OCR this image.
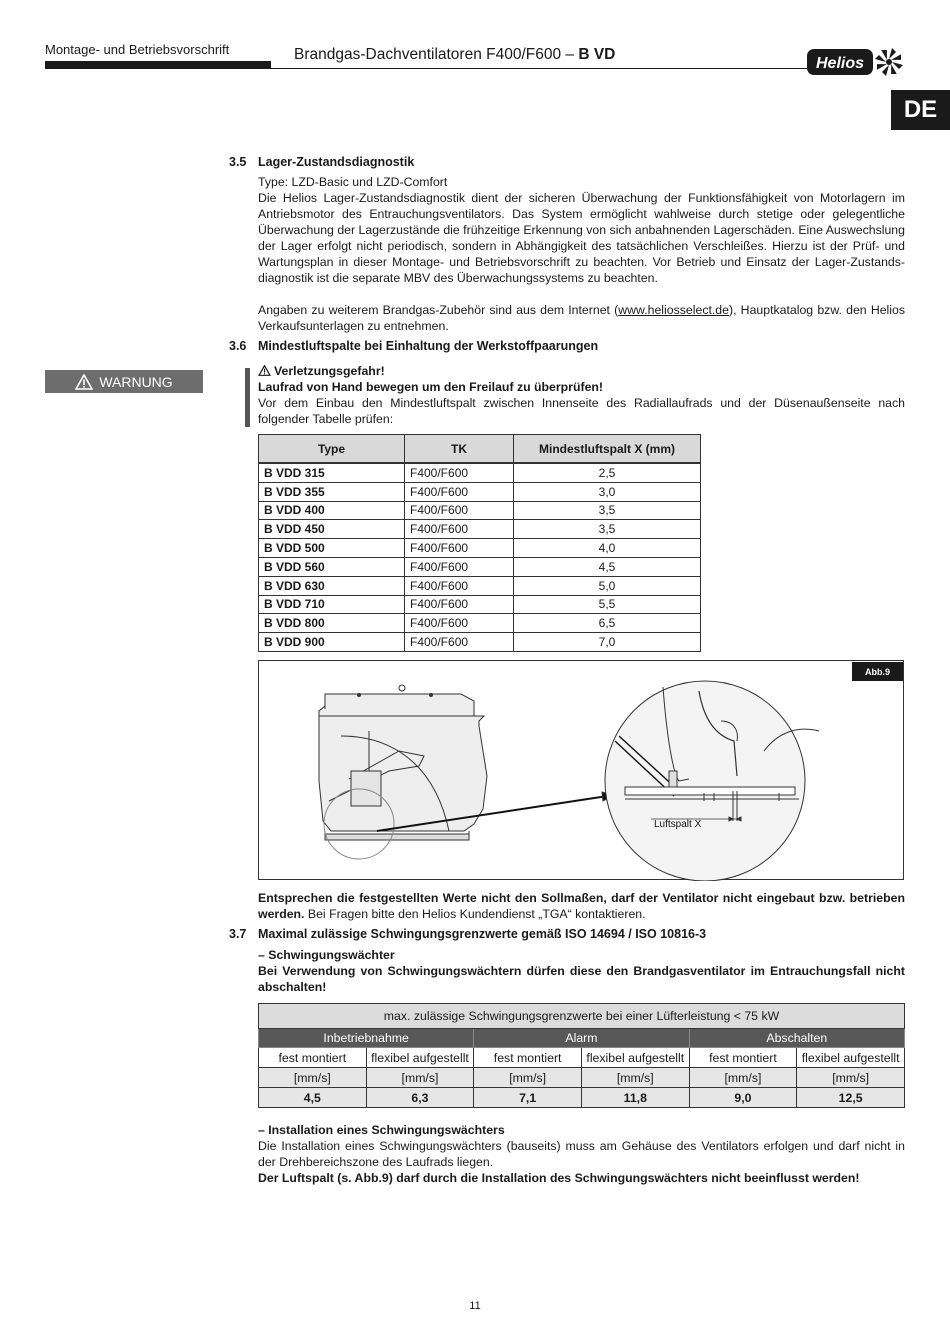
Montage- und Betriebsvorschrift	Brandgas-Dachventilatoren F400/F600 – B VD
Helios
DE
3.5 Lager-Zustandsdiagnostik

Type: LZD-Basic und LZD-Comfort

Die Helios Lager-Zustandsdiagnostik dient der sicheren Überwachung der Funktionsfähigkeit von Motorlagern im Antriebsmotor des Entrauchungsventilators. Das System ermöglicht wahlweise durch stetige oder gelegentliche Überwachung der Lagerzustände die frühzeitige Erkennung von sich anbahnenden Lagerschäden. Eine Auswechslung der Lager erfolgt nicht periodisch, sondern in Abhängigkeit des tatsächlichen Verschleißes. Hierzu ist der Prüf- und Wartungsplan in dieser Montage- und Betriebsvorschrift zu beachten. Vor Betrieb und Einsatz der Lager-Zustands-diagnostik ist die separate MBV des Überwachungssystems zu beachten.

Angaben zu weiterem Brandgas-Zubehör sind aus dem Internet (www.heliosselect.de), Hauptkatalog bzw. den Helios Verkaufsunterlagen zu entnehmen.

3.6 Mindestluftspalte bei Einhaltung der Werkstoffpaarungen
WARNUNG

Verletzungsgefahr!

Laufrad von Hand bewegen um den Freilauf zu überprüfen!

Vor dem Einbau den Mindestluftspalt zwischen Innenseite des Radiallaufrads und der Düsenaußenseite nach folgender Tabelle prüfen:

Type	TK	Mindestluftspalt X (mm)
B VDD 315	F400/F600	2,5
B VDD 355	F400/F600	3,0
B VDD 400	F400/F600	3,5
B VDD 450	F400/F600	3,5
B VDD 500	F400/F600	4,0
B VDD 560	F400/F600	4,5
B VDD 630	F400/F600	5,0
B VDD 710	F400/F600	5,5
B VDD 800	F400/F600	6,5
B VDD 900	F400/F600	7,0
Luftspalt X
Abb.9

Entsprechen die festgestellten Werte nicht den Sollmaßen, darf der Ventilator nicht eingebaut bzw. betrieben werden. Bei Fragen bitte den Helios Kundendienst „TGA“ kontaktieren.

3.7 Maximal zulässige Schwingungsgrenzwerte gemäß ISO 14694 / ISO 10816-3

– Schwingungswächter

Bei Verwendung von Schwingungswächtern dürfen diese den Brandgasventilator im Entrauchungsfall nicht abschalten!

max. zulässige Schwingungsgrenzwerte bei einer Lüfterleistung < 75 kW					
Inbetriebnahme		Alarm		Abschalten	
fest montiert	flexibel aufgestellt	fest montiert	flexibel aufgestellt	fest montiert	flexibel aufgestellt
[mm/s]	[mm/s]	[mm/s]	[mm/s]	[mm/s]	[mm/s]
4,5	6,3	7,1	11,8	9,0	12,5

– Installation eines Schwingungswächters

Die Installation eines Schwingungswächters (bauseits) muss am Gehäuse des Ventilators erfolgen und darf nicht in der Drehbereichszone des Laufrads liegen.

Der Luftspalt (s. Abb.9) darf durch die Installation des Schwingungswächters nicht beeinflusst werden!

11
